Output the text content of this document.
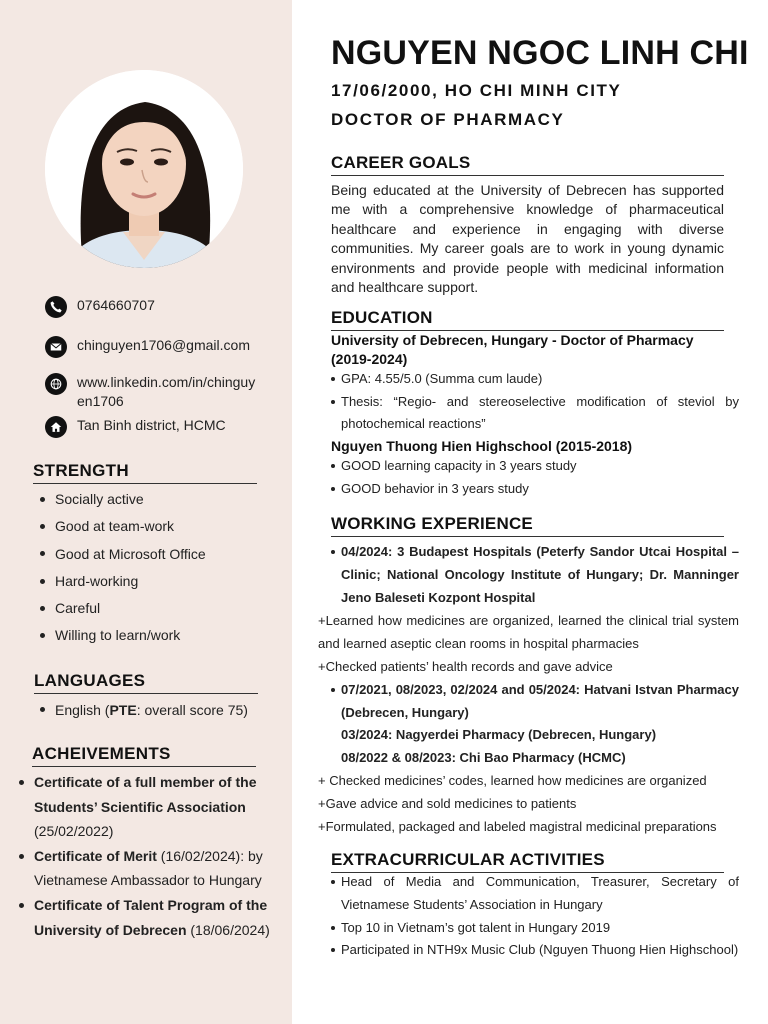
0764660707
chinguyen1706@gmail.com
www.linkedin.com/in/chinguyen1706
Tan Binh district, HCMC
STRENGTH
Socially active
Good at team-work
Good at Microsoft Office
Hard-working
Careful
Willing to learn/work
LANGUAGES
English (PTE: overall score 75)
ACHEIVEMENTS
Certificate of a full member of the Students’ Scientific Association (25/02/2022)
Certificate of Merit (16/02/2024): by Vietnamese Ambassador to Hungary
Certificate of Talent Program of the University of Debrecen (18/06/2024)
NGUYEN NGOC LINH CHI
17/06/2000, HO CHI MINH CITY
DOCTOR OF PHARMACY
CAREER GOALS
Being educated at the University of Debrecen has supported me with a comprehensive knowledge of pharmaceutical healthcare and experience in engaging with diverse communities. My career goals are to work in young dynamic environments and provide people with medicinal information and healthcare support.
EDUCATION
University of Debrecen, Hungary - Doctor of Pharmacy (2019-2024)
GPA: 4.55/5.0 (Summa cum laude)
Thesis: “Regio- and stereoselective modification of steviol by photochemical reactions”
Nguyen Thuong Hien Highschool (2015-2018)
GOOD learning capacity in 3 years study
GOOD behavior in 3 years study
WORKING EXPERIENCE
04/2024: 3 Budapest Hospitals (Peterfy Sandor Utcai Hospital – Clinic; National Oncology Institute of Hungary; Dr. Manninger Jeno Baleseti Kozpont Hospital
+Learned how medicines are organized, learned the clinical trial system and learned aseptic clean rooms in hospital pharmacies
+Checked patients’ health records and gave advice
07/2021, 08/2023, 02/2024 and 05/2024: Hatvani Istvan Pharmacy (Debrecen, Hungary)
03/2024: Nagyerdei Pharmacy (Debrecen, Hungary)
08/2022 & 08/2023: Chi Bao Pharmacy (HCMC)
+ Checked medicines’ codes, learned how medicines are organized
+Gave advice and sold medicines to patients
+Formulated, packaged and labeled magistral medicinal preparations
EXTRACURRICULAR ACTIVITIES
Head of Media and Communication, Treasurer, Secretary of Vietnamese Students’ Association in Hungary
Top 10 in Vietnam’s got talent in Hungary 2019
Participated in NTH9x Music Club (Nguyen Thuong Hien Highschool)
